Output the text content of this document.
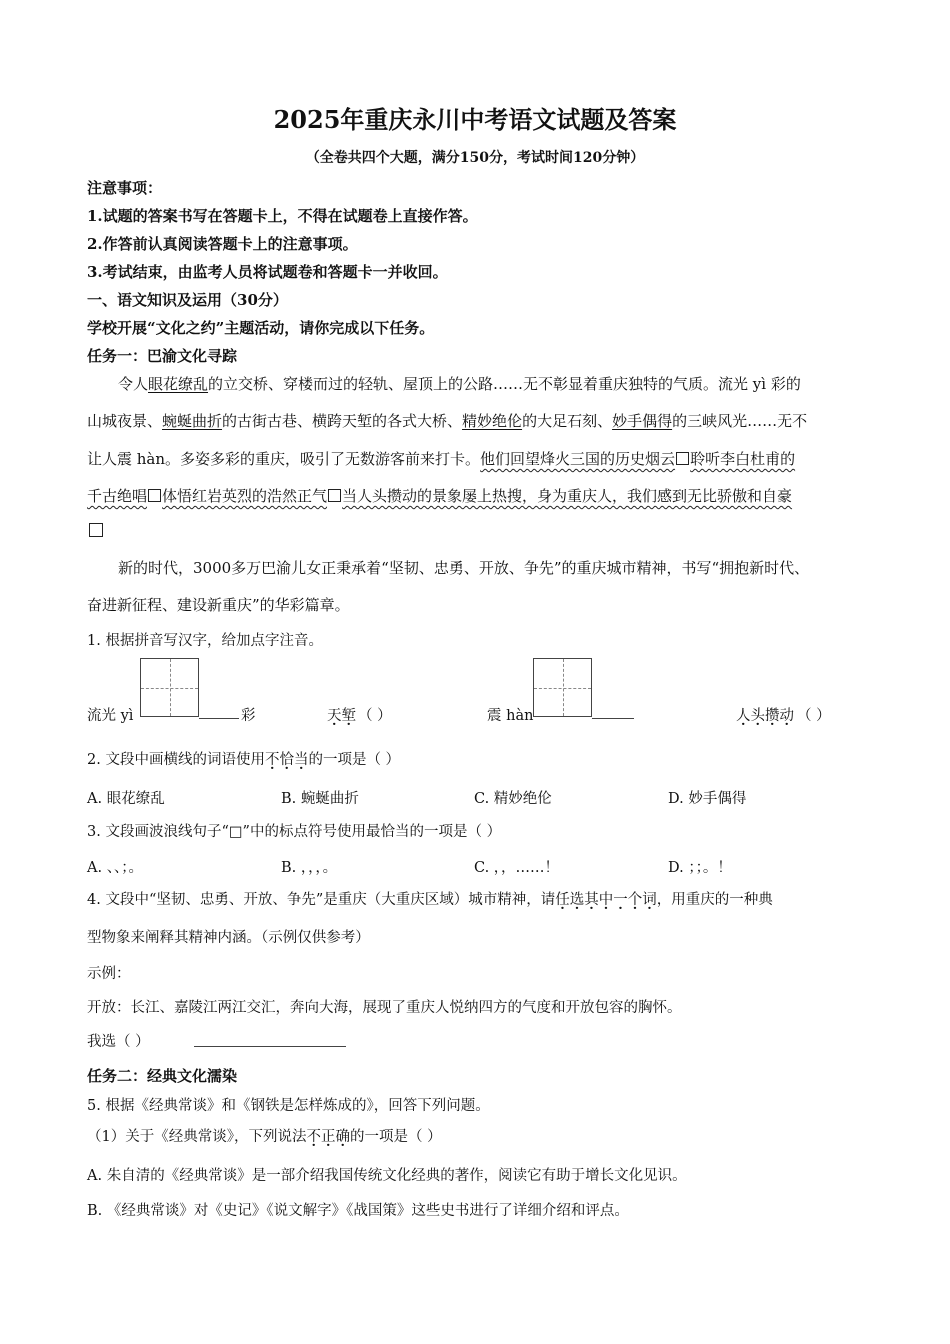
2025年重庆永川中考语文试题及答案
（全卷共四个大题，满分150分，考试时间120分钟）
注意事项：
1.试题的答案书写在答题卡上，不得在试题卷上直接作答。
2.作答前认真阅读答题卡上的注意事项。
3.考试结束，由监考人员将试题卷和答题卡一并收回。
一、语文知识及运用（30分）
学校开展“文化之约”主题活动，请你完成以下任务。
任务一：巴渝文化寻踪
令人眼花缭乱的立交桥、穿楼而过的轻轨、屋顶上的公路……无不彰显着重庆独特的气质。流光 yì 彩的
山城夜景、蜿蜒曲折的古街古巷、横跨天堑的各式大桥、精妙绝伦的大足石刻、妙手偶得的三峡风光……无不
让人震 hàn。多姿多彩的重庆，吸引了无数游客前来打卡。他们回望烽火三国的历史烟云 聆听李白杜甫的
千古绝唱 体悟红岩英烈的浩然正气 当人头攒动的景象屡上热搜，身为重庆人，我们感到无比骄傲和自豪
新的时代，3000多万巴渝儿女正秉承着“坚韧、忠勇、开放、争先”的重庆城市精神，书写“拥抱新时代、
奋进新征程、建设新重庆”的华彩篇章。
1. 根据拼音写汉字，给加点字注音。
流光 yì	彩	天堑 （ ）	震 hàn	人头攒动 （ ）
2. 文段中画横线的词语使用不恰当的一项是（ ）
A. 眼花缭乱	B. 蜿蜒曲折	C. 精妙绝伦	D. 妙手偶得
3. 文段画波浪线句子“□”中的标点符号使用最恰当的一项是（ ）
A. 、、；。	B. ，，，。	C. ，，……！	D. ；；。！
4. 文段中“坚韧、忠勇、开放、争先”是重庆（大重庆区域）城市精神，请任选其中一个词，用重庆的一种典
型物象来阐释其精神内涵。（示例仅供参考）
示例：
开放：长江、嘉陵江两江交汇，奔向大海，展现了重庆人悦纳四方的气度和开放包容的胸怀。
我选（ ）
任务二：经典文化濡染
5. 根据《经典常谈》和《钢铁是怎样炼成的》，回答下列问题。
（1）关于《经典常谈》，下列说法不正确的一项是（ ）
A. 朱自清的《经典常谈》是一部介绍我国传统文化经典的著作，阅读它有助于增长文化见识。
B. 《经典常谈》对《史记》《说文解字》《战国策》这些史书进行了详细介绍和评点。
